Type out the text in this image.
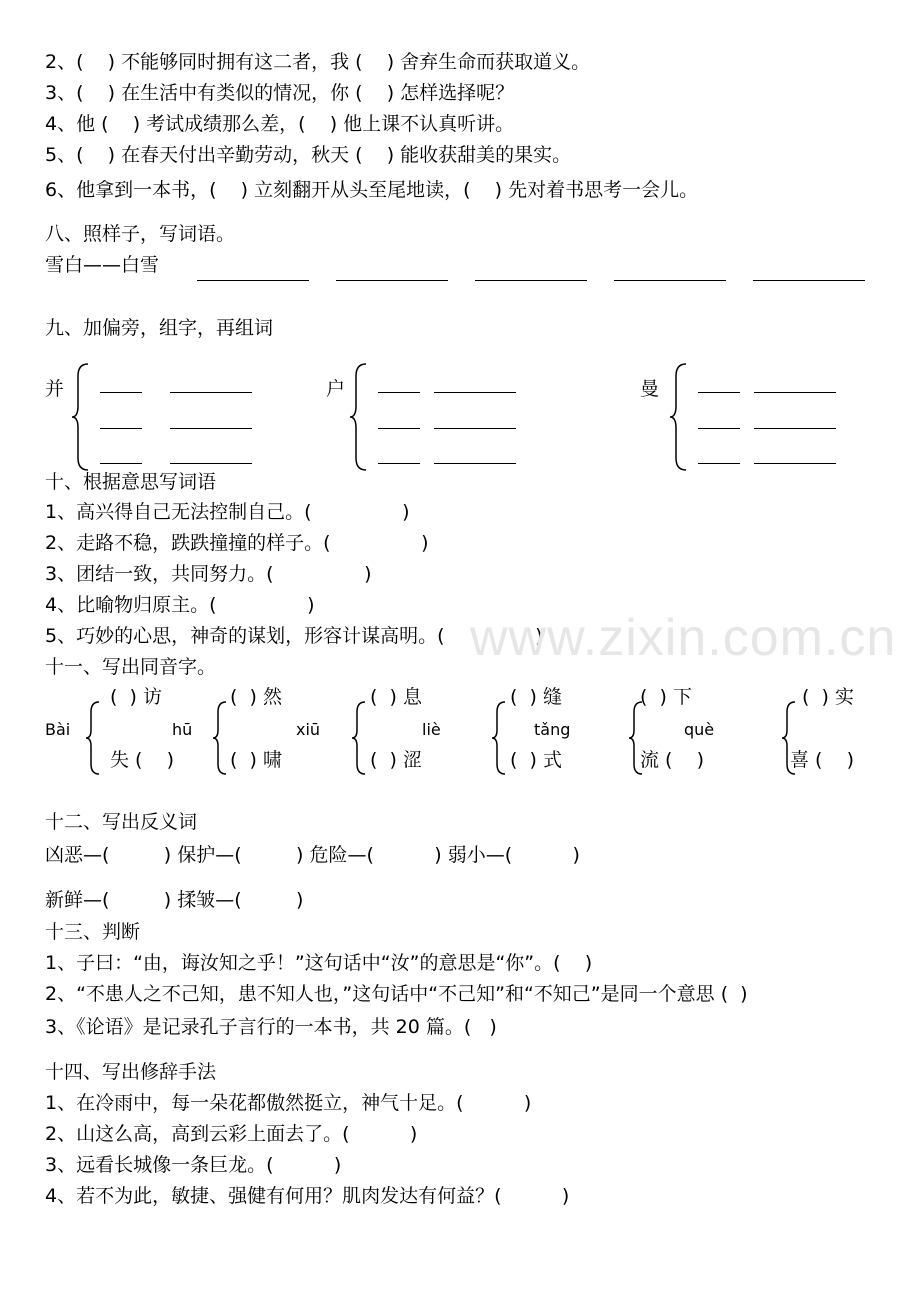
2、(    ) 不能够同时拥有这二者，我 (    ) 舍弃生命而获取道义。
3、(    ) 在生活中有类似的情况，你 (    ) 怎样选择呢？
4、他 (    ) 考试成绩那么差，(    ) 他上课不认真听讲。
5、(    ) 在春天付出辛勤劳动，秋天 (    ) 能收获甜美的果实。
6、他拿到一本书，(    ) 立刻翻开从头至尾地读，(    ) 先对着书思考一会儿。
八、照样子，写词语。
雪白——白雪
九、加偏旁，组字，再组词
并	户	曼
十、根据意思写词语
1、高兴得自己无法控制自己。(               )
2、走路不稳，跌跌撞撞的样子。(               )
3、团结一致，共同努力。(               )
4、比喻物归原主。(               )
5、巧妙的心思，神奇的谋划，形容计谋高明。(               )
www.zixin.com.cn
十一、写出同音字。
Bài
(  ) 访
hū
失 (    )
(  ) 然
xiū
(  ) 啸
(  ) 息
liè
(  ) 涩
(  ) 缝
tǎng
(  ) 式
(  ) 下
què
流 (    )
(  ) 实
喜 (    )
十二、写出反义词
凶恶—(         ) 保护—(         ) 危险—(          ) 弱小—(          )
新鲜—(         ) 揉皱—(         )
十三、判断
1、子曰：“由，诲汝知之乎！”这句话中“汝”的意思是“你”。(    )
2、“不患人之不己知，患不知人也，”这句话中“不己知”和“不知己”是同一个意思 (  )
3、《论语》是记录孔子言行的一本书，共 20 篇。(   )
十四、写出修辞手法
1、在冷雨中，每一朵花都傲然挺立，神气十足。(          )
2、山这么高，高到云彩上面去了。(          )
3、远看长城像一条巨龙。(          )
4、若不为此，敏捷、强健有何用？肌肉发达有何益？(          )
